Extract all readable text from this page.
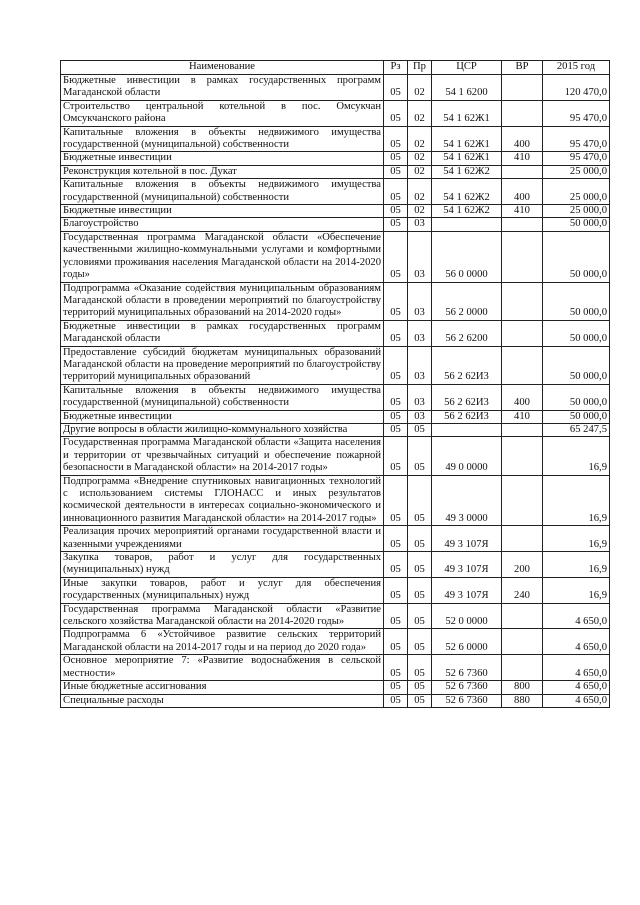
Наименование	Рз	Пр	ЦСР	ВР	2015 год
Бюджетные инвестиции в рамках государственных программ Магаданской области	05	02	54 1 6200		120 470,0
Строительство центральной котельной в пос. Омсукчан Омсукчанского района	05	02	54 1 62Ж1		95 470,0
Капитальные вложения в объекты недвижимого имущества государственной (муниципальной) собственности	05	02	54 1 62Ж1	400	95 470,0
Бюджетные инвестиции	05	02	54 1 62Ж1	410	95 470,0
Реконструкция котельной в пос. Дукат	05	02	54 1 62Ж2		25 000,0
Капитальные вложения в объекты недвижимого имущества государственной (муниципальной) собственности	05	02	54 1 62Ж2	400	25 000,0
Бюджетные инвестиции	05	02	54 1 62Ж2	410	25 000,0
Благоустройство	05	03			50 000,0
Государственная программа Магаданской области «Обеспечение качественными жилищно-коммунальными услугами и комфортными условиями проживания населения Магаданской области на 2014-2020 годы»	05	03	56 0 0000		50 000,0
Подпрограмма «Оказание содействия муниципальным образованиям Магаданской области в проведении мероприятий по благоустройству территорий муниципальных образований на 2014-2020 годы»	05	03	56 2 0000		50 000,0
Бюджетные инвестиции в рамках государственных программ Магаданской области	05	03	56 2 6200		50 000,0
Предоставление субсидий бюджетам муниципальных образований Магаданской области на проведение мероприятий по благоустройству территорий муниципальных образований	05	03	56 2 62И3		50 000,0
Капитальные вложения в объекты недвижимого имущества государственной (муниципальной) собственности	05	03	56 2 62И3	400	50 000,0
Бюджетные инвестиции	05	03	56 2 62И3	410	50 000,0
Другие вопросы в области жилищно-коммунального хозяйства	05	05			65 247,5
Государственная программа Магаданской области «Защита населения и территории от чрезвычайных ситуаций и обеспечение пожарной безопасности в Магаданской области» на 2014-2017 годы»	05	05	49 0 0000		16,9
Подпрограмма «Внедрение спутниковых навигационных технологий с использованием системы ГЛОНАСС и иных результатов космической деятельности в интересах социально-экономического и инновационного развития Магаданской области» на 2014-2017 годы»	05	05	49 3 0000		16,9
Реализация прочих мероприятий органами государственной власти и казенными учреждениями	05	05	49 3 107Я		16,9
Закупка товаров, работ и услуг для государственных (муниципальных) нужд	05	05	49 3 107Я	200	16,9
Иные закупки товаров, работ и услуг для обеспечения государственных (муниципальных) нужд	05	05	49 3 107Я	240	16,9
Государственная программа Магаданской области «Развитие сельского хозяйства Магаданской области на 2014-2020 годы»	05	05	52 0 0000		4 650,0
Подпрограмма 6 «Устойчивое развитие сельских территорий Магаданской области на 2014-2017 годы и на период до 2020 года»	05	05	52 6 0000		4 650,0
Основное мероприятие 7: «Развитие водоснабжения в сельской местности»	05	05	52 6 7360		4 650,0
Иные бюджетные ассигнования	05	05	52 6 7360	800	4 650,0
Специальные расходы	05	05	52 6 7360	880	4 650,0
